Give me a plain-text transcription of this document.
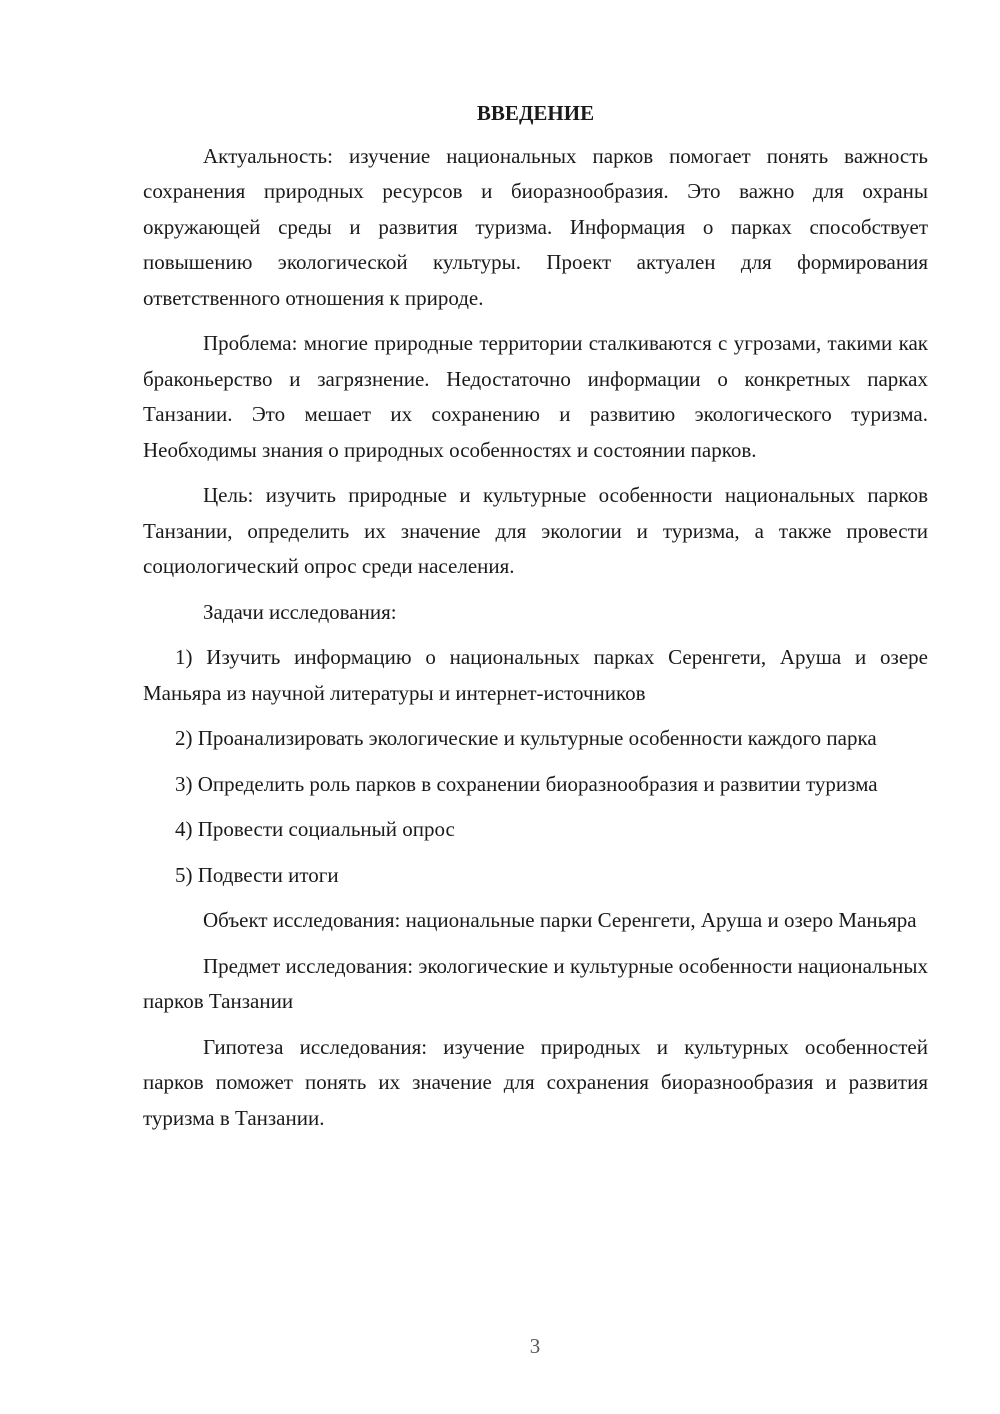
ВВЕДЕНИЕ

Актуальность: изучение национальных парков помогает понять важность сохранения природных ресурсов и биоразнообразия. Это важно для охраны окружающей среды и развития туризма. Информация о парках способствует повышению экологической культуры. Проект актуален для формирования ответственного отношения к природе.

Проблема: многие природные территории сталкиваются с угрозами, такими как браконьерство и загрязнение. Недостаточно информации о конкретных парках Танзании. Это мешает их сохранению и развитию экологического туризма. Необходимы знания о природных особенностях и состоянии парков.

Цель: изучить природные и культурные особенности национальных парков Танзании, определить их значение для экологии и туризма, а также провести социологический опрос среди населения.

Задачи исследования:

1) Изучить информацию о национальных парках Серенгети, Аруша и озере Маньяра из научной литературы и интернет-источников

2) Проанализировать экологические и культурные особенности каждого парка

3) Определить роль парков в сохранении биоразнообразия и развитии туризма

4) Провести социальный опрос

5) Подвести итоги

Объект исследования: национальные парки Серенгети, Аруша и озеро Маньяра

Предмет исследования: экологические и культурные особенности национальных парков Танзании

Гипотеза исследования: изучение природных и культурных особенностей парков поможет понять их значение для сохранения биоразнообразия и развития туризма в Танзании.

3
